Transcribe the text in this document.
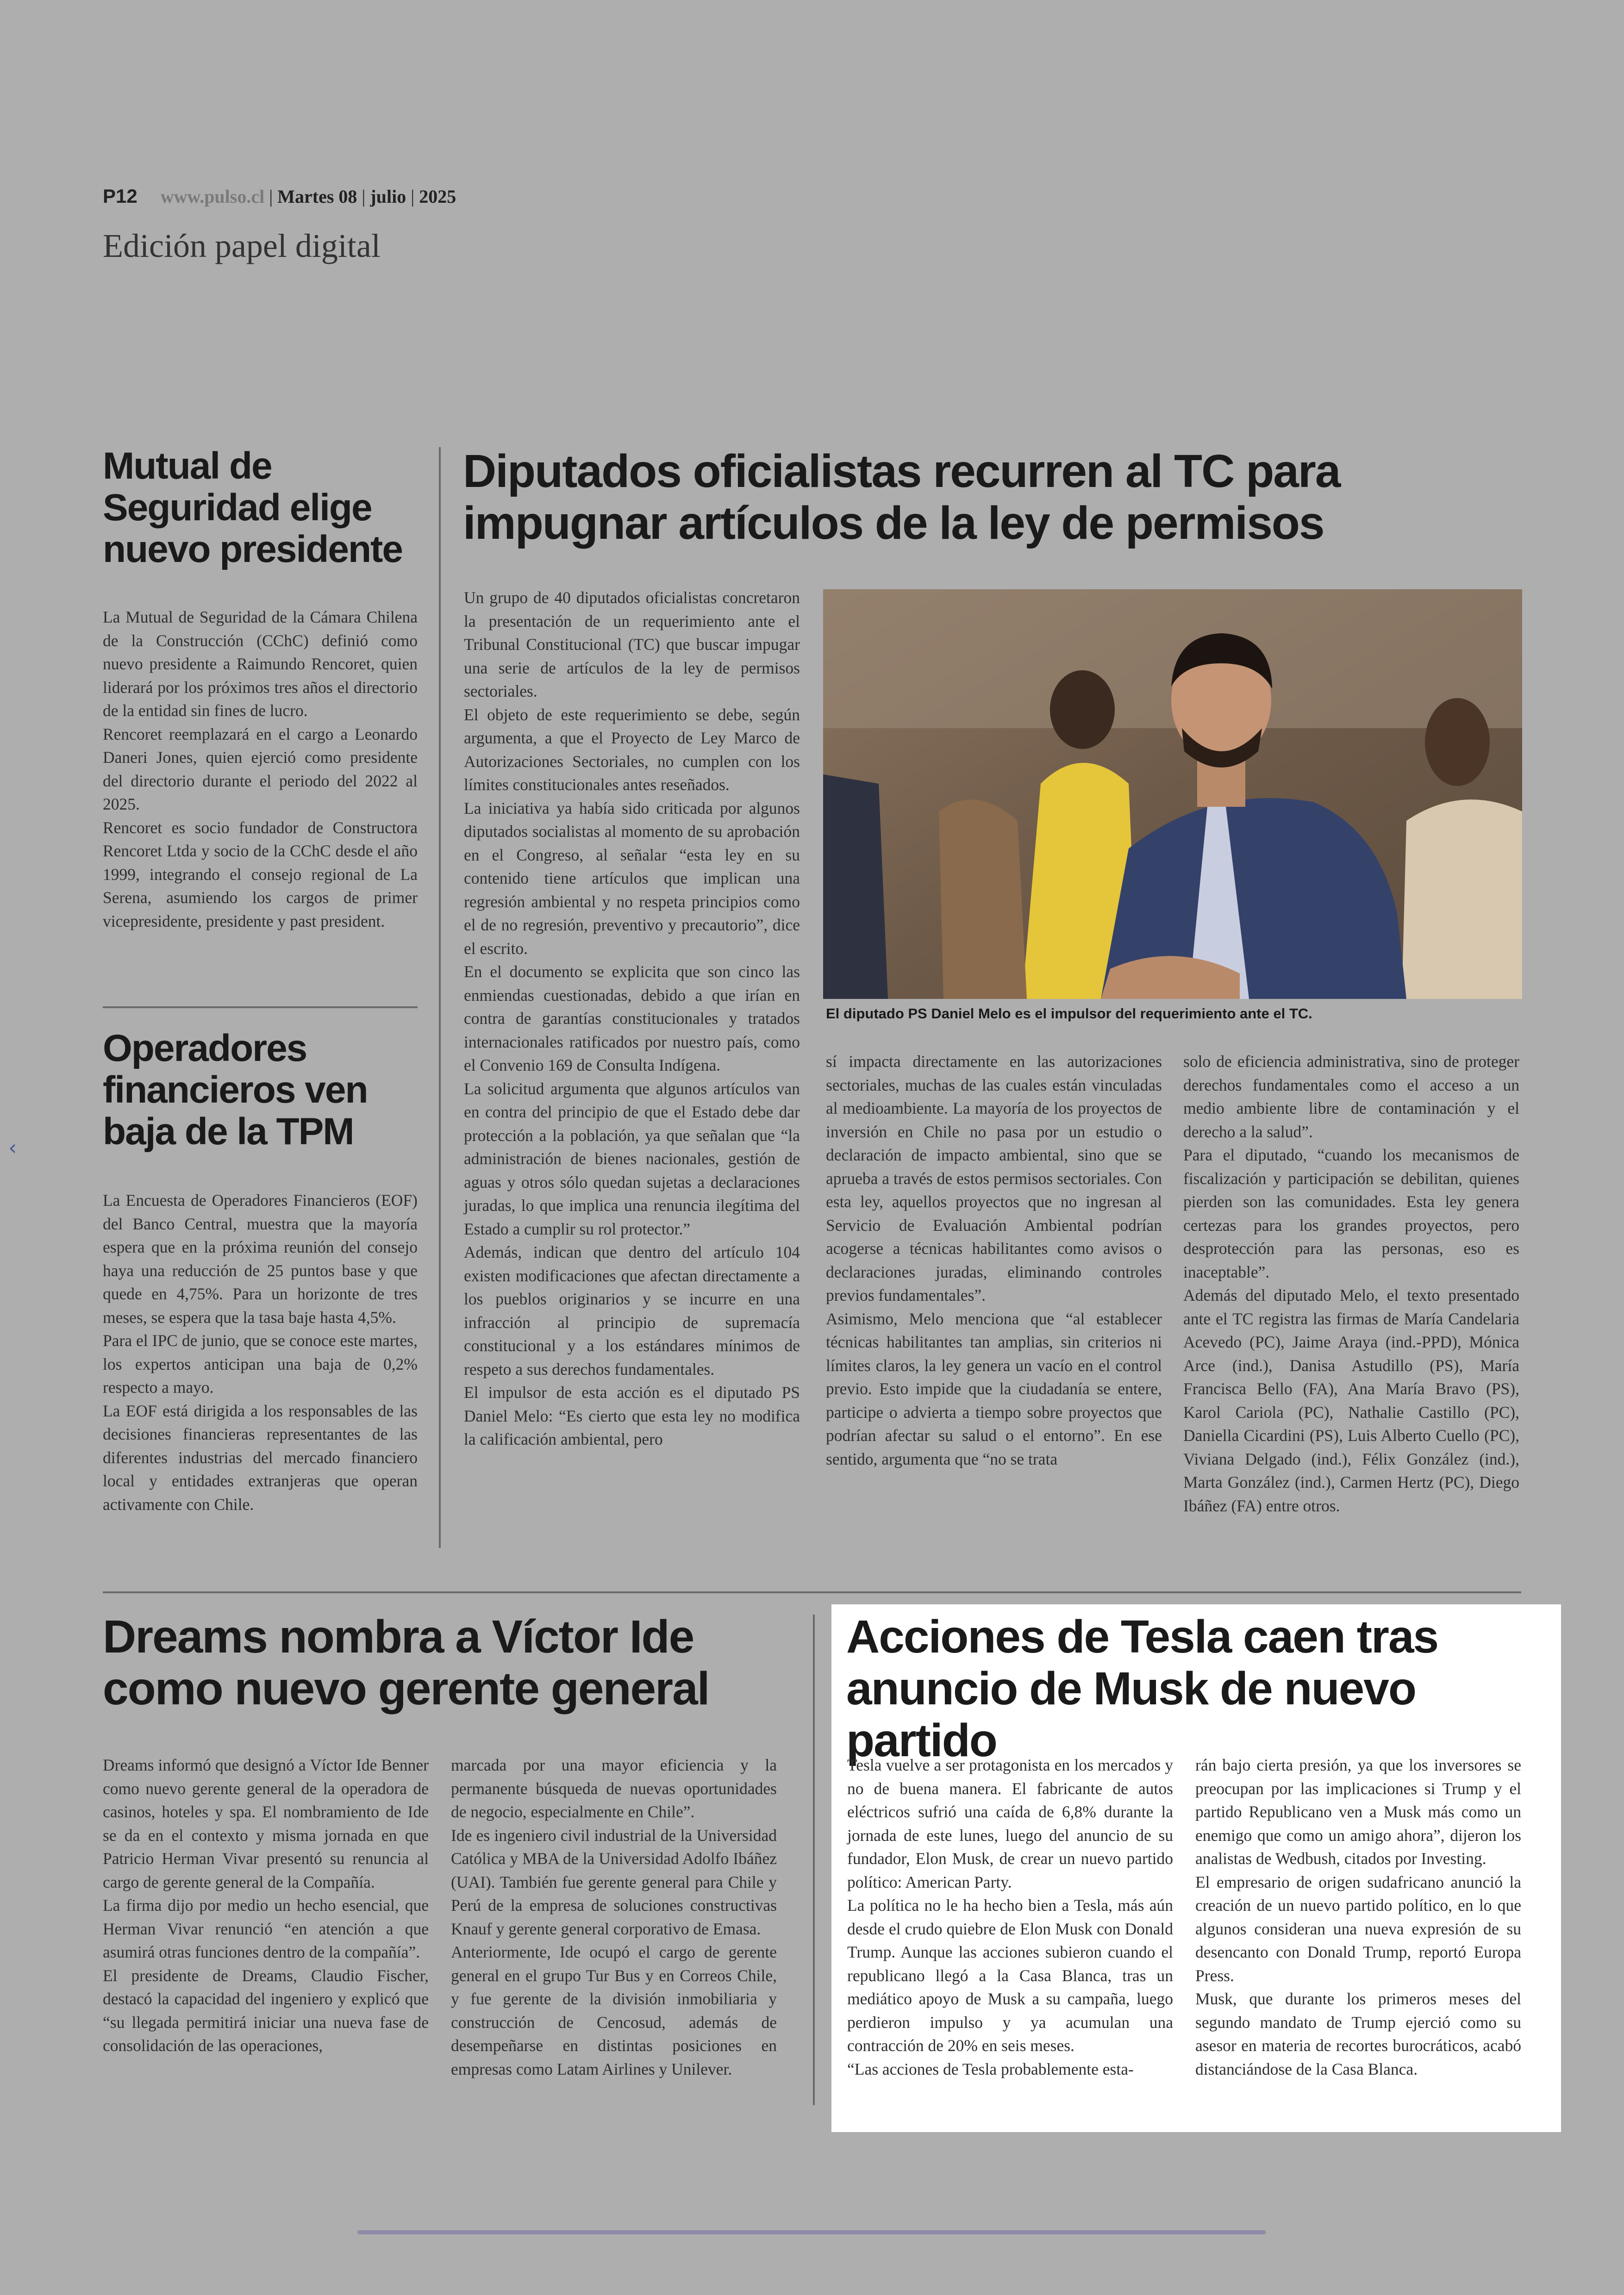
P12 www.pulso.cl | Martes 08 | julio | 2025
Edición papel digital
Mutual de Seguridad elige nuevo presidente

La Mutual de Seguridad de la Cámara Chilena de la Construcción (CChC) definió como nuevo presidente a Raimundo Rencoret, quien liderará por los próximos tres años el directorio de la entidad sin fines de lucro.

Rencoret reemplazará en el cargo a Leonardo Daneri Jones, quien ejerció como presidente del directorio durante el periodo del 2022 al 2025.

Rencoret es socio fundador de Constructora Rencoret Ltda y socio de la CChC desde el año 1999, integrando el consejo regional de La Serena, asumiendo los cargos de primer vicepresidente, presidente y past president.

Operadores financieros ven baja de la TPM

La Encuesta de Operadores Financieros (EOF) del Banco Central, muestra que la mayoría espera que en la próxima reunión del consejo haya una reducción de 25 puntos base y que quede en 4,75%. Para un horizonte de tres meses, se espera que la tasa baje hasta 4,5%.

Para el IPC de junio, que se conoce este martes, los expertos anticipan una baja de 0,2% respecto a mayo.

La EOF está dirigida a los responsables de las decisiones financieras representantes de las diferentes industrias del mercado financiero local y entidades extranjeras que operan activamente con Chile.

Diputados oficialistas recurren al TC para impugnar artículos de la ley de permisos

Un grupo de 40 diputados oficialistas concretaron la presentación de un requerimiento ante el Tribunal Constitucional (TC) que buscar impugar una serie de artículos de la ley de permisos sectoriales.

El objeto de este requerimiento se debe, según argumenta, a que el Proyecto de Ley Marco de Autorizaciones Sectoriales, no cumplen con los límites constitucionales antes reseñados.

La iniciativa ya había sido criticada por algunos diputados socialistas al momento de su aprobación en el Congreso, al señalar “esta ley en su contenido tiene artículos que implican una regresión ambiental y no respeta principios como el de no regresión, preventivo y precautorio”, dice el escrito.

En el documento se explicita que son cinco las enmiendas cuestionadas, debido a que irían en contra de garantías constitucionales y tratados internacionales ratificados por nuestro país, como el Convenio 169 de Consulta Indígena.

La solicitud argumenta que algunos artículos van en contra del principio de que el Estado debe dar protección a la población, ya que señalan que “la administración de bienes nacionales, gestión de aguas y otros sólo quedan sujetas a declaraciones juradas, lo que implica una renuncia ilegítima del Estado a cumplir su rol protector.”

Además, indican que dentro del artículo 104 existen modificaciones que afectan directamente a los pueblos originarios y se incurre en una infracción al principio de supremacía constitucional y a los estándares mínimos de respeto a sus derechos fundamentales.

El impulsor de esta acción es el diputado PS Daniel Melo: “Es cierto que esta ley no modifica la calificación ambiental, pero

El diputado PS Daniel Melo es el impulsor del requerimiento ante el TC.

sí impacta directamente en las autorizaciones sectoriales, muchas de las cuales están vinculadas al medioambiente. La mayoría de los proyectos de inversión en Chile no pasa por un estudio o declaración de impacto ambiental, sino que se aprueba a través de estos permisos sectoriales. Con esta ley, aquellos proyectos que no ingresan al Servicio de Evaluación Ambiental podrían acogerse a técnicas habilitantes como avisos o declaraciones juradas, eliminando controles previos fundamentales”.

Asimismo, Melo menciona que “al establecer técnicas habilitantes tan amplias, sin criterios ni límites claros, la ley genera un vacío en el control previo. Esto impide que la ciudadanía se entere, participe o advierta a tiempo sobre proyectos que podrían afectar su salud o el entorno”. En ese sentido, argumenta que “no se trata

solo de eficiencia administrativa, sino de proteger derechos fundamentales como el acceso a un medio ambiente libre de contaminación y el derecho a la salud”.

Para el diputado, “cuando los mecanismos de fiscalización y participación se debilitan, quienes pierden son las comunidades. Esta ley genera certezas para los grandes proyectos, pero desprotección para las personas, eso es inaceptable”.

Además del diputado Melo, el texto presentado ante el TC registra las firmas de María Candelaria Acevedo (PC), Jaime Araya (ind.-PPD), Mónica Arce (ind.), Danisa Astudillo (PS), María Francisca Bello (FA), Ana María Bravo (PS), Karol Cariola (PC), Nathalie Castillo (PC), Daniella Cicardini (PS), Luis Alberto Cuello (PC), Viviana Delgado (ind.), Félix González (ind.), Marta González (ind.), Carmen Hertz (PC), Diego Ibáñez (FA) entre otros.

Dreams nombra a Víctor Ide como nuevo gerente general

Dreams informó que designó a Víctor Ide Benner como nuevo gerente general de la operadora de casinos, hoteles y spa. El nombramiento de Ide se da en el contexto y misma jornada en que Patricio Herman Vivar presentó su renuncia al cargo de gerente general de la Compañía.

La firma dijo por medio un hecho esencial, que Herman Vivar renunció “en atención a que asumirá otras funciones dentro de la compañía”.

El presidente de Dreams, Claudio Fischer, destacó la capacidad del ingeniero y explicó que “su llegada permitirá iniciar una nueva fase de consolidación de las operaciones,

marcada por una mayor eficiencia y la permanente búsqueda de nuevas oportunidades de negocio, especialmente en Chile”.

Ide es ingeniero civil industrial de la Universidad Católica y MBA de la Universidad Adolfo Ibáñez (UAI). También fue gerente general para Chile y Perú de la empresa de soluciones constructivas Knauf y gerente general corporativo de Emasa.

Anteriormente, Ide ocupó el cargo de gerente general en el grupo Tur Bus y en Correos Chile, y fue gerente de la división inmobiliaria y construcción de Cencosud, además de desempeñarse en distintas posiciones en empresas como Latam Airlines y Unilever.

Acciones de Tesla caen tras anuncio de Musk de nuevo partido

Tesla vuelve a ser protagonista en los mercados y no de buena manera. El fabricante de autos eléctricos sufrió una caída de 6,8% durante la jornada de este lunes, luego del anuncio de su fundador, Elon Musk, de crear un nuevo partido político: American Party.

La política no le ha hecho bien a Tesla, más aún desde el crudo quiebre de Elon Musk con Donald Trump. Aunque las acciones subieron cuando el republicano llegó a la Casa Blanca, tras un mediático apoyo de Musk a su campaña, luego perdieron impulso y ya acumulan una contracción de 20% en seis meses.

“Las acciones de Tesla probablemente esta-

rán bajo cierta presión, ya que los inversores se preocupan por las implicaciones si Trump y el partido Republicano ven a Musk más como un enemigo que como un amigo ahora”, dijeron los analistas de Wedbush, citados por Investing.

El empresario de origen sudafricano anunció la creación de un nuevo partido político, en lo que algunos consideran una nueva expresión de su desencanto con Donald Trump, reportó Europa Press.

Musk, que durante los primeros meses del segundo mandato de Trump ejerció como su asesor en materia de recortes burocráticos, acabó distanciándose de la Casa Blanca.

‹
